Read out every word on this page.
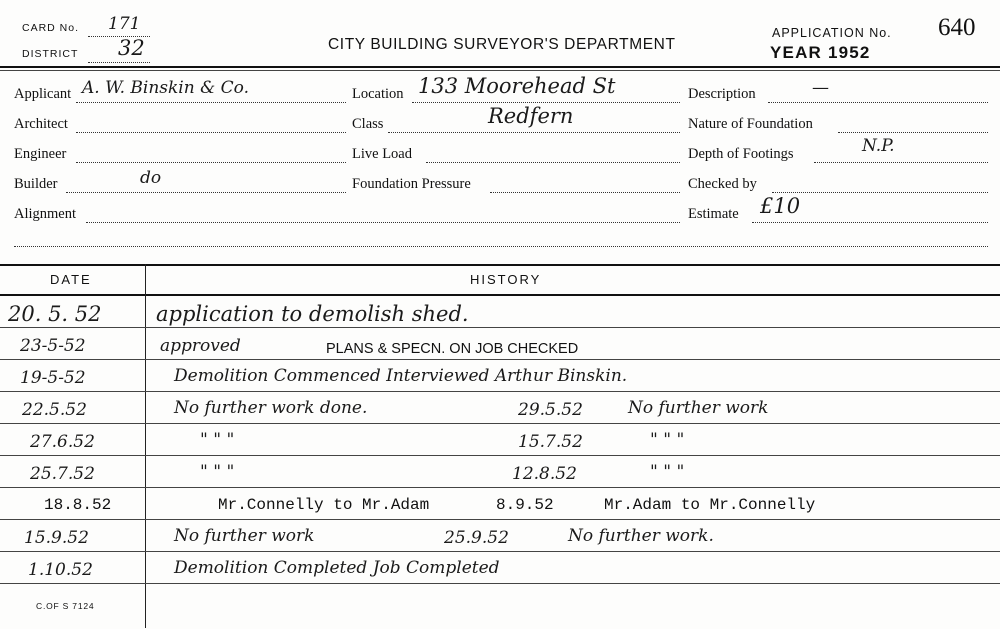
CARD No. 171
DISTRICT 32	CITY BUILDING SURVEYOR'S DEPARTMENT
APPLICATION No. 640
YEAR 1952
Applicant A. W. Binskin & Co.	Location 133 Moorehead St
Redfern
Description	—
Architect	Class	Nature of Foundation
Engineer	Live Load	Depth of Footings	N.P.
Builder	do	Foundation Pressure	Checked by
Alignment	Estimate £10
DATE	HISTORY
20. 5. 52	application to demolish shed.
23-5-52	approved	PLANS & SPECN. ON JOB CHECKED
19-5-52	Demolition Commenced Interviewed Arthur Binskin.
22.5.52	No further work done.	29.5.52	No further work
27.6.52	" " "	15.7.52	" " "
25.7.52	" " "	12.8.52	" " "
18.8.52	Mr.Connelly to Mr.Adam	8.9.52	Mr.Adam to Mr.Connelly
15.9.52	No further work	25.9.52	No further work.
1.10.52	Demolition Completed Job Completed
C.OF S 7124
